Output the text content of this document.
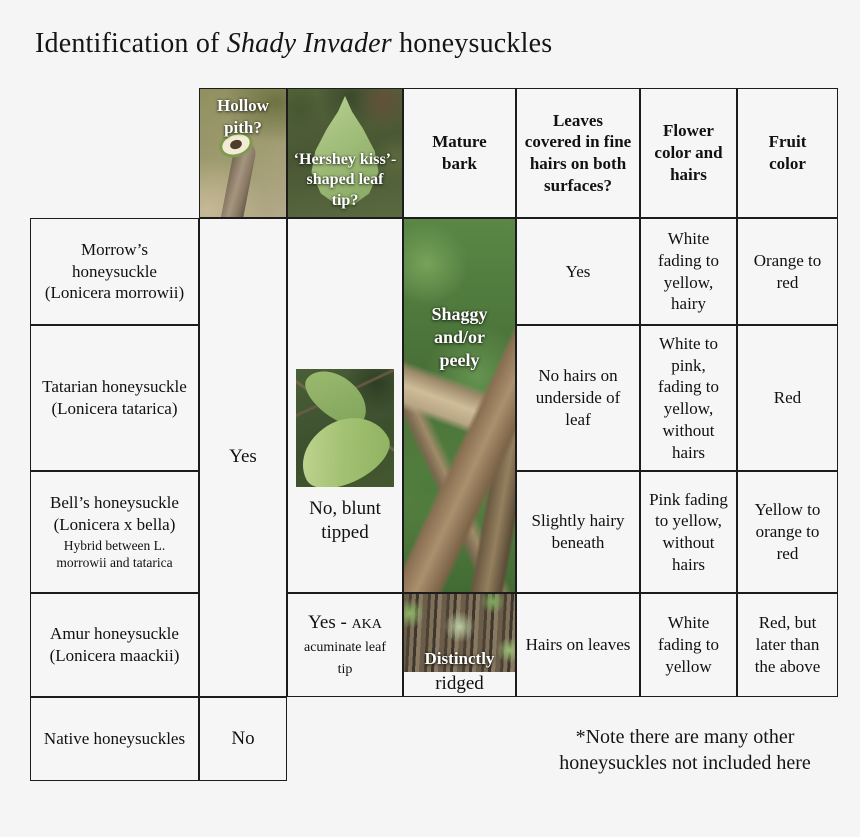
Identification of Shady Invader honeysuckles
Hollow pith?
‘Hershey kiss’-shaped leaf tip?
Mature bark
Leaves covered in fine hairs on both surfaces?
Flower color and hairs
Fruit color
Morrow’s honeysuckle (Lonicera morrowii)
Tatarian honeysuckle (Lonicera tatarica)
Bell’s honeysuckle (Lonicera x bella)
Hybrid between L. morrowii and tatarica
Amur honeysuckle (Lonicera maackii)
Native honeysuckles
Yes
No
No, blunt tipped
Yes - AKA acuminate leaf tip
Shaggy and/or peely
Distinctly
ridged
Yes
No hairs on underside of leaf
Slightly hairy beneath
Hairs on leaves
White fading to yellow, hairy
White to pink, fading to yellow, without hairs
Pink fading to yellow, without hairs
White fading to yellow
Orange to red
Red
Yellow to orange to red
Red, but later than the above
*Note there are many other
honeysuckles not included here
